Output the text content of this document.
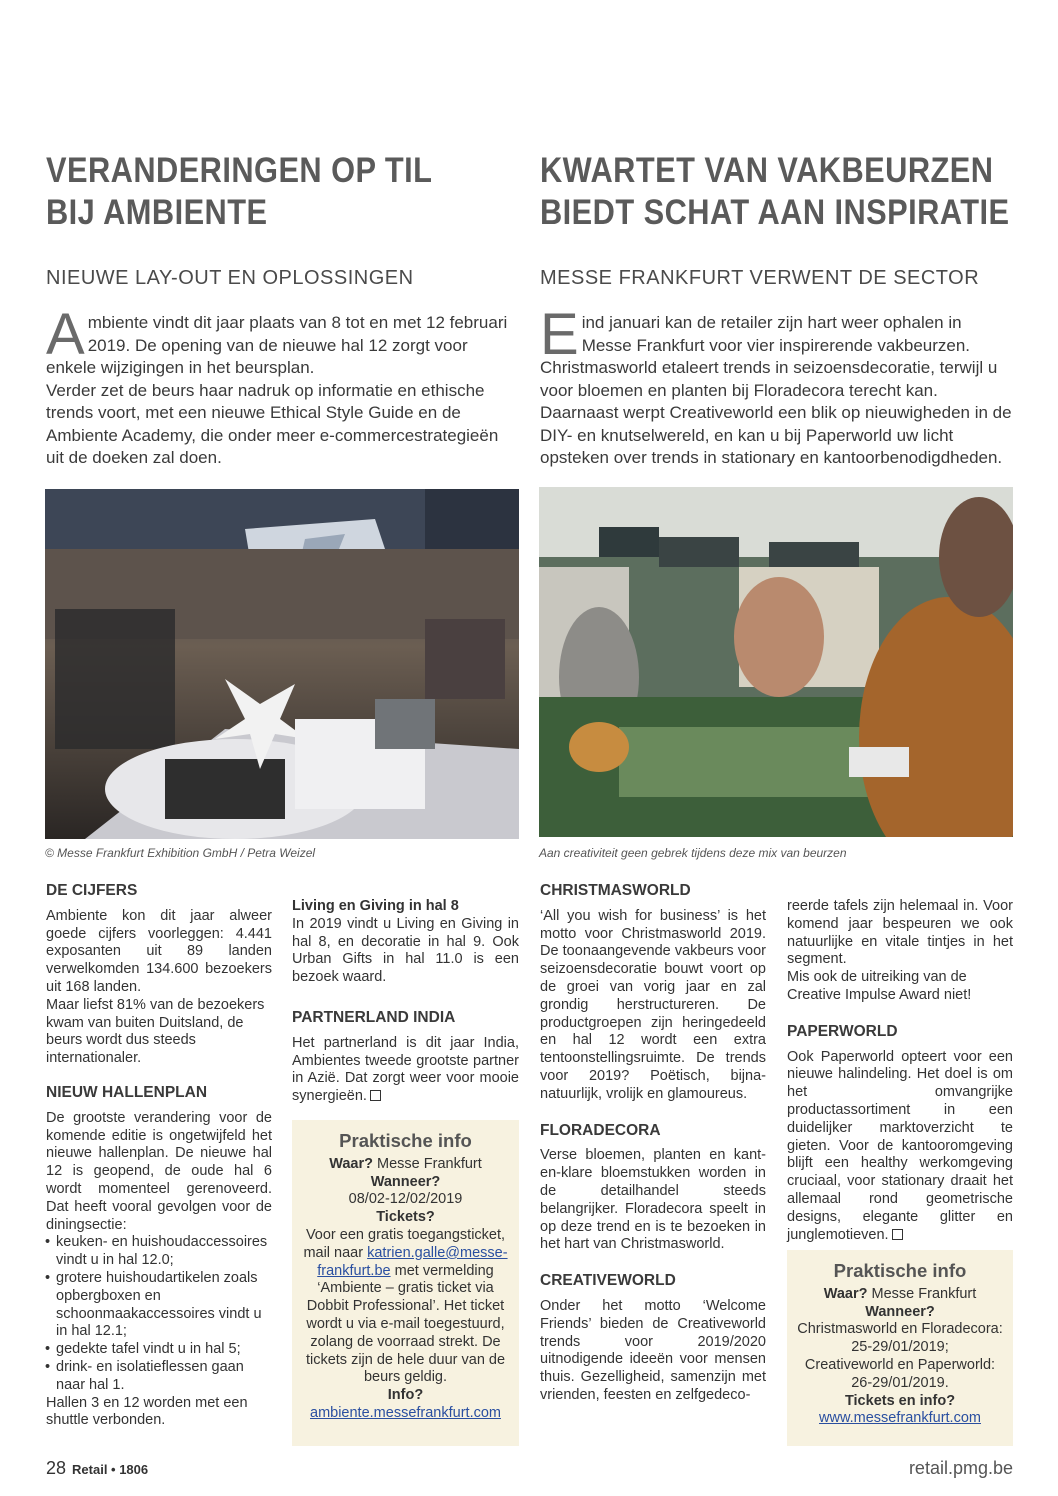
VERANDERINGEN OP TIL
BIJ AMBIENTE
NIEUWE LAY-OUT EN OPLOSSINGEN

Ambiente vindt dit jaar plaats van 8 tot en met 12 februari 2019. De opening van de nieuwe hal 12 zorgt voor enkele wijzigingen in het beursplan.
Verder zet de beurs haar nadruk op informatie en ethische trends voort, met een nieuwe Ethical Style Guide en de Ambiente Academy, die onder meer e-commercestrategieën uit de doeken zal doen.

KWARTET VAN VAKBEURZEN
BIEDT SCHAT AAN INSPIRATIE
MESSE FRANKFURT VERWENT DE SECTOR

Eind januari kan de retailer zijn hart weer ophalen in Messe Frankfurt voor vier inspirerende vakbeurzen. Christmasworld etaleert trends in seizoensdecoratie, terwijl u voor bloemen en planten bij Floradecora terecht kan. Daarnaast werpt Creativeworld een blik op nieuwigheden in de DIY- en knutselwereld, en kan u bij Paperworld uw licht opsteken over trends in stationary en kantoorbenodigdheden.

© Messe Frankfurt Exhibition GmbH / Petra Weizel	Aan creativiteit geen gebrek tijdens deze mix van beurzen
DE CIJFERS

Ambiente kon dit jaar alweer goede cijfers voorleggen: 4.441 exposanten uit 89 landen verwelkomden 134.600 bezoekers uit 168 landen.

Maar liefst 81% van de bezoekers kwam van buiten Duitsland, de beurs wordt dus steeds internationaler.

NIEUW HALLENPLAN

De grootste verandering voor de komende editie is ongetwijfeld het nieuwe hallenplan. De nieuwe hal 12 is geopend, de oude hal 6 wordt momenteel gerenoveerd. Dat heeft vooral gevolgen voor de diningsectie:

• keuken- en huishoudaccessoires vindt u in hal 12.0;
• grotere huishoudartikelen zoals opbergboxen en schoonmaakaccessoires vindt u in hal 12.1;
• gedekte tafel vindt u in hal 5;
• drink- en isolatieflessen gaan naar hal 1.

Hallen 3 en 12 worden met een shuttle verbonden.

Living en Giving in hal 8

In 2019 vindt u Living en Giving in hal 8, en decoratie in hal 9. Ook Urban Gifts in hal 11.0 is een bezoek waard.

PARTNERLAND INDIA

Het partnerland is dit jaar India, Ambientes tweede grootste partner in Azië. Dat zorgt weer voor mooie synergieën.

Praktische info
Waar? Messe Frankfurt
Wanneer?
08/02-12/02/2019
Tickets?
Voor een gratis toegangsticket, mail naar katrien.galle@messe-frankfurt.be met vermelding ‘Ambiente – gratis ticket via Dobbit Professional’. Het ticket wordt u via e-mail toegestuurd, zolang de voorraad strekt. De tickets zijn de hele duur van de beurs geldig.
Info?
ambiente.messefrankfurt.com
CHRISTMASWORLD

‘All you wish for business’ is het motto voor Christmasworld 2019. De toonaangevende vakbeurs voor seizoensdecoratie bouwt voort op de groei van vorig jaar en zal grondig herstructureren. De productgroepen zijn heringedeeld en hal 12 wordt een extra tentoonstellingsruimte. De trends voor 2019? Poëtisch, bijna-natuurlijk, vrolijk en glamoureus.

FLORADECORA

Verse bloemen, planten en kant-en-klare bloemstukken worden in de detailhandel steeds belangrijker. Floradecora speelt in op deze trend en is te bezoeken in het hart van Christmasworld.

CREATIVEWORLD

Onder het motto ‘Welcome Friends’ bieden de Creativeworld trends voor 2019/2020 uitnodigende ideeën voor mensen thuis. Gezelligheid, samenzijn met vrienden, feesten en zelfgedeco-

reerde tafels zijn helemaal in. Voor komend jaar bespeuren we ook natuurlijke en vitale tintjes in het segment.

Mis ook de uitreiking van de Creative Impulse Award niet!

PAPERWORLD

Ook Paperworld opteert voor een nieuwe halindeling. Het doel is om het omvangrijke productassortiment in een duidelijker marktoverzicht te gieten. Voor de kantooromgeving blijft een healthy werkomgeving cruciaal, voor stationary draait het allemaal rond geometrische designs, elegante glitter en junglemotieven.

Praktische info
Waar? Messe Frankfurt
Wanneer?
Christmasworld en Floradecora:
25-29/01/2019;
Creativeworld en Paperworld:
26-29/01/2019.
Tickets en info?
www.messefrankfurt.com
28 Retail • 1806	retail.pmg.be
